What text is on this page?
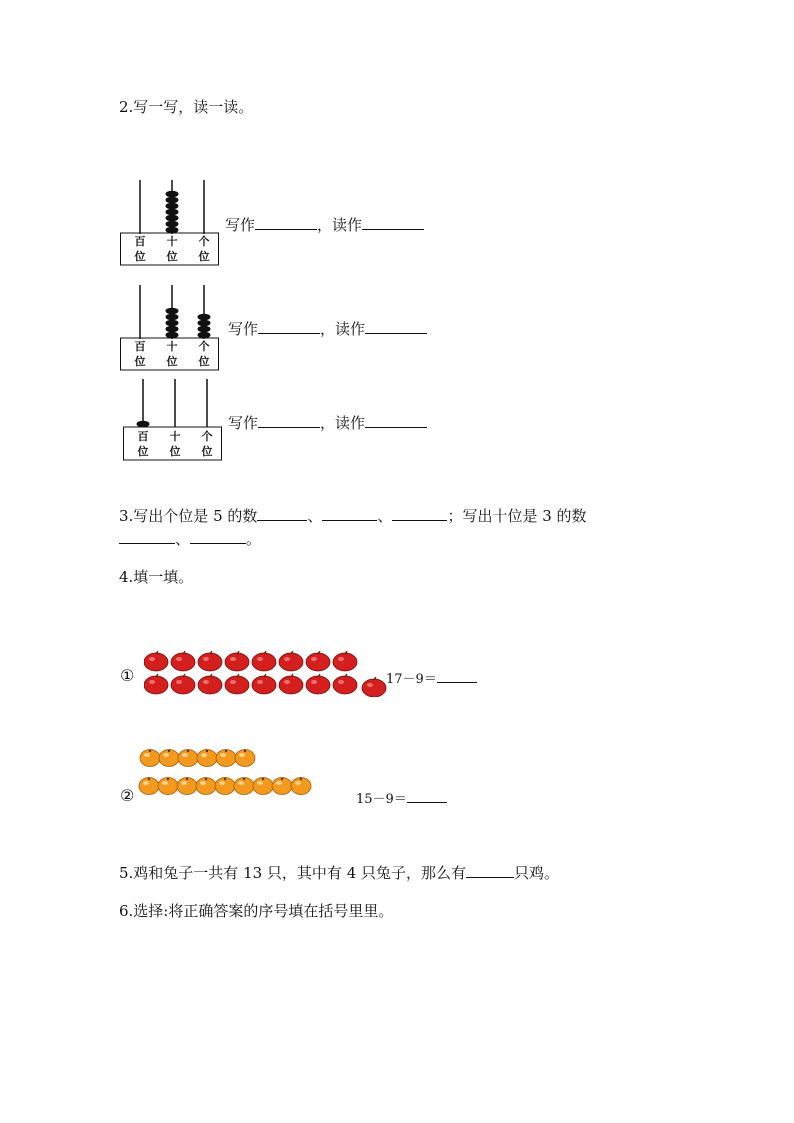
2.写一写，读一读。
百	十	个
位	位	位
写作	，读作
百	十	个
位	位	位
写作	，读作
百	十	个
位	位	位
写作	，读作
3.写出个位是 5 的数	、	、	；写出十位是 3 的数
、	。
4.填一填。
①	17－9＝
②	15－9＝
5.鸡和兔子一共有 13 只，其中有 4 只兔子，那么有	只鸡。
6.选择:将正确答案的序号填在括号里里。
